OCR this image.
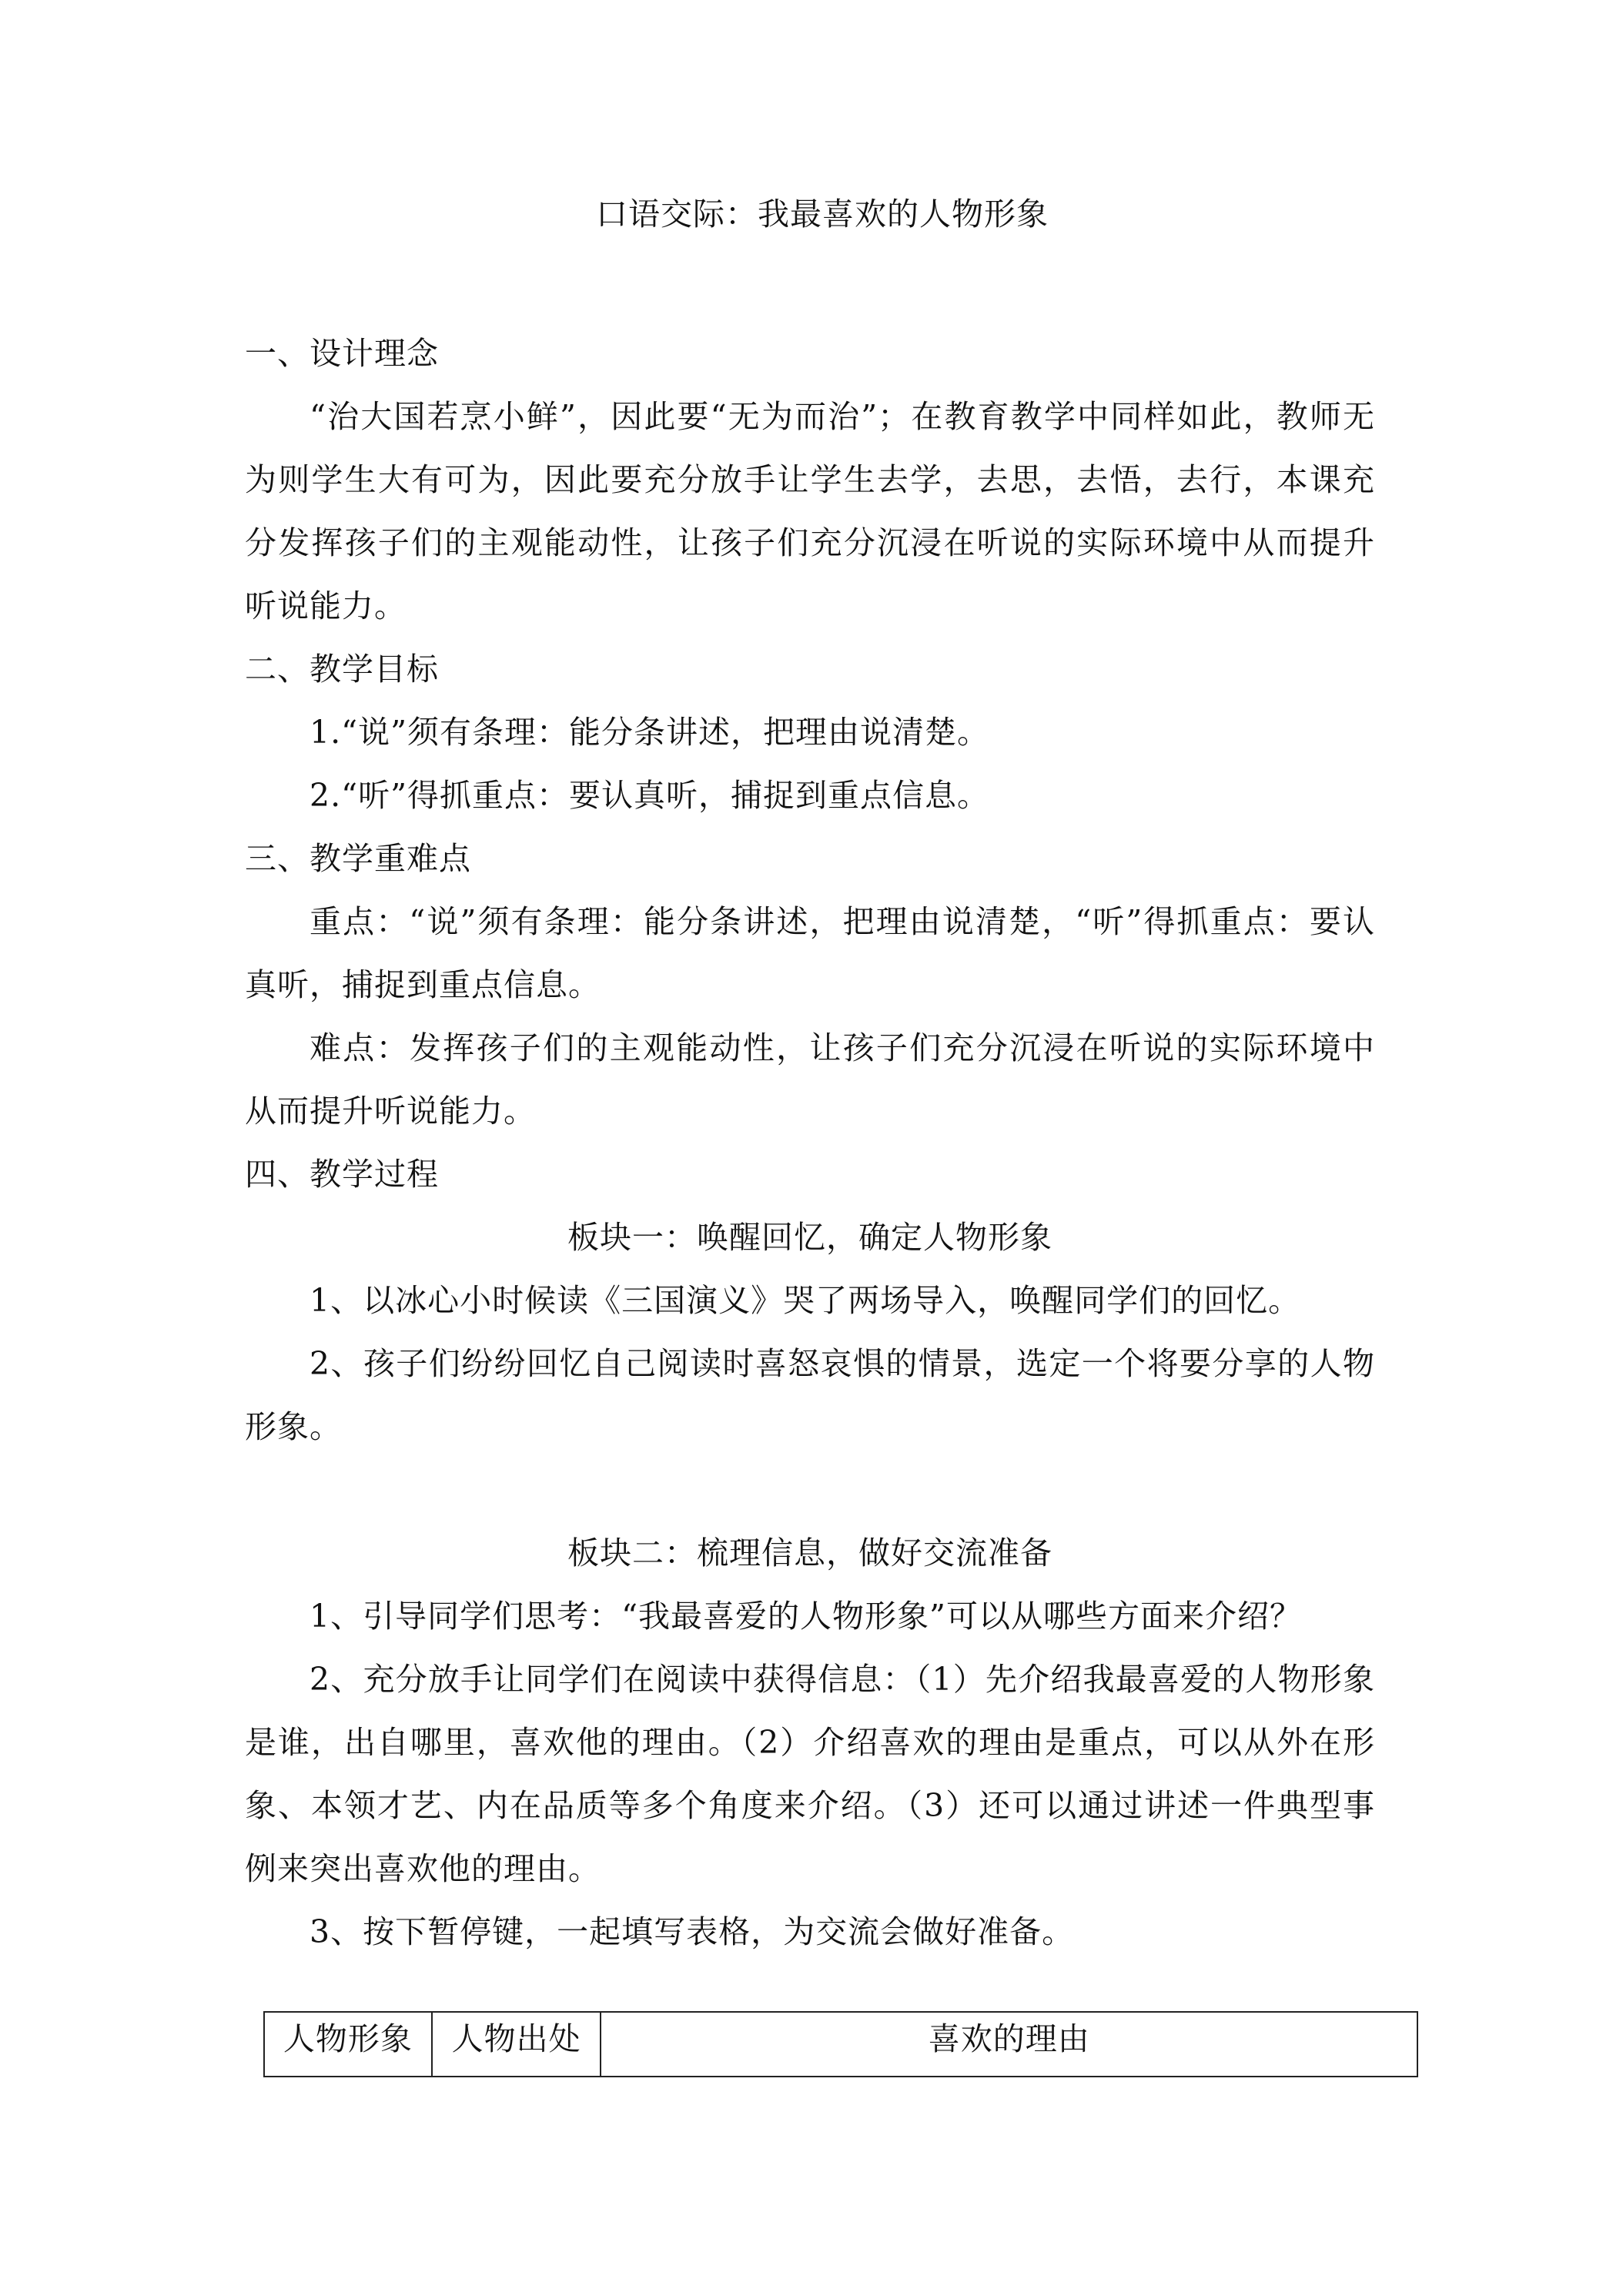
口语交际：我最喜欢的人物形象

一、设计理念

“治大国若烹小鲜”，因此要“无为而治”；在教育教学中同样如此，教师无为则学生大有可为，因此要充分放手让学生去学，去思，去悟，去行，本课充分发挥孩子们的主观能动性，让孩子们充分沉浸在听说的实际环境中从而提升听说能力。

二、教学目标

1.“说”须有条理：能分条讲述，把理由说清楚。

2.“听”得抓重点：要认真听，捕捉到重点信息。

三、教学重难点

重点：“说”须有条理：能分条讲述，把理由说清楚，“听”得抓重点：要认真听，捕捉到重点信息。

难点：发挥孩子们的主观能动性，让孩子们充分沉浸在听说的实际环境中从而提升听说能力。

四、教学过程

板块一：唤醒回忆，确定人物形象

1、以冰心小时候读《三国演义》哭了两场导入，唤醒同学们的回忆。

2、孩子们纷纷回忆自己阅读时喜怒哀惧的情景，选定一个将要分享的人物形象。

板块二：梳理信息，做好交流准备

1、引导同学们思考：“我最喜爱的人物形象”可以从哪些方面来介绍？

2、充分放手让同学们在阅读中获得信息：（1）先介绍我最喜爱的人物形象是谁，出自哪里，喜欢他的理由。（2）介绍喜欢的理由是重点，可以从外在形象、本领才艺、内在品质等多个角度来介绍。（3）还可以通过讲述一件典型事例来突出喜欢他的理由。

3、按下暂停键，一起填写表格，为交流会做好准备。

人物形象	人物出处	喜欢的理由
